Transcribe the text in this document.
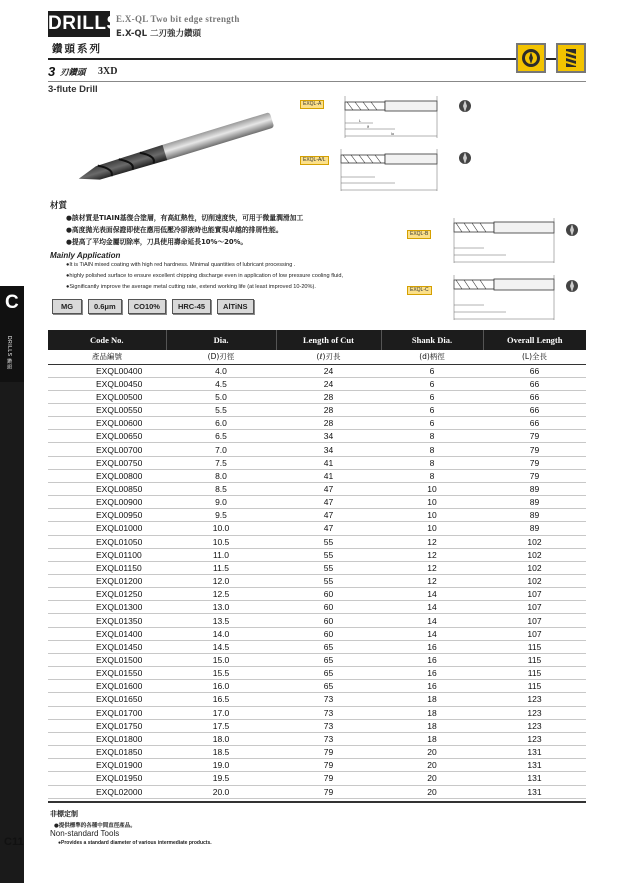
DRILLS
鑽頭系列
E.X-QL Two bit edge strength
E.X-QL 二刃強力鑽頭
3 刃鑽頭 3XD
3-flute Drill
L
lf
lo
EXQL-A
EXQL-A/L
EXQL-B
EXQL-C
材質
●該材質是TIAIN基復合塗層，有高紅熱性，切削速度快，可用于微量潤滑加工
●高度拋光表面保證即使在應用低壓冷卻液時也能實現卓越的排屑性能。
●提高了平均金屬切除率，刀具使用壽命延長10%～20%。
Mainly Application
●It is TiAlN mixed coating with high red hardness. Minimal quantities of lubricant processing .
●highly polished surface to ensure excellent chipping discharge even in application of low pressure cooling fluid,
●Significantly improve the average metal cutting rate, extend working life (at least improved 10-20%).
MG	0.6μm	CO10%	HRC-45	AlTiNS
C
DRILLS 鑽頭	Code No.	Dia.	Length of Cut	Shank Dia.	Overall Length
產品編號	(D)刃徑	(ℓ)刃長	(d)柄徑	(L)全長
EXQL00400	4.0	24	6	66
EXQL00450	4.5	24	6	66
EXQL00500	5.0	28	6	66
EXQL00550	5.5	28	6	66
EXQL00600	6.0	28	6	66
EXQL00650	6.5	34	8	79
EXQL00700	7.0	34	8	79
EXQL00750	7.5	41	8	79
EXQL00800	8.0	41	8	79
EXQL00850	8.5	47	10	89
EXQL00900	9.0	47	10	89
EXQL00950	9.5	47	10	89
EXQL01000	10.0	47	10	89
EXQL01050	10.5	55	12	102
EXQL01100	11.0	55	12	102
EXQL01150	11.5	55	12	102
EXQL01200	12.0	55	12	102
EXQL01250	12.5	60	14	107
EXQL01300	13.0	60	14	107
EXQL01350	13.5	60	14	107
EXQL01400	14.0	60	14	107
EXQL01450	14.5	65	16	115
EXQL01500	15.0	65	16	115
EXQL01550	15.5	65	16	115
EXQL01600	16.0	65	16	115
EXQL01650	16.5	73	18	123
EXQL01700	17.0	73	18	123
EXQL01750	17.5	73	18	123
EXQL01800	18.0	73	18	123
EXQL01850	18.5	79	20	131
EXQL01900	19.0	79	20	131
EXQL01950	19.5	79	20	131
EXQL02000	20.0	79	20	131
非標定制
●提供標準的各種中間直徑產品。
Non-standard Tools
●Provides a standard diameter of various intermediate products.
C11
